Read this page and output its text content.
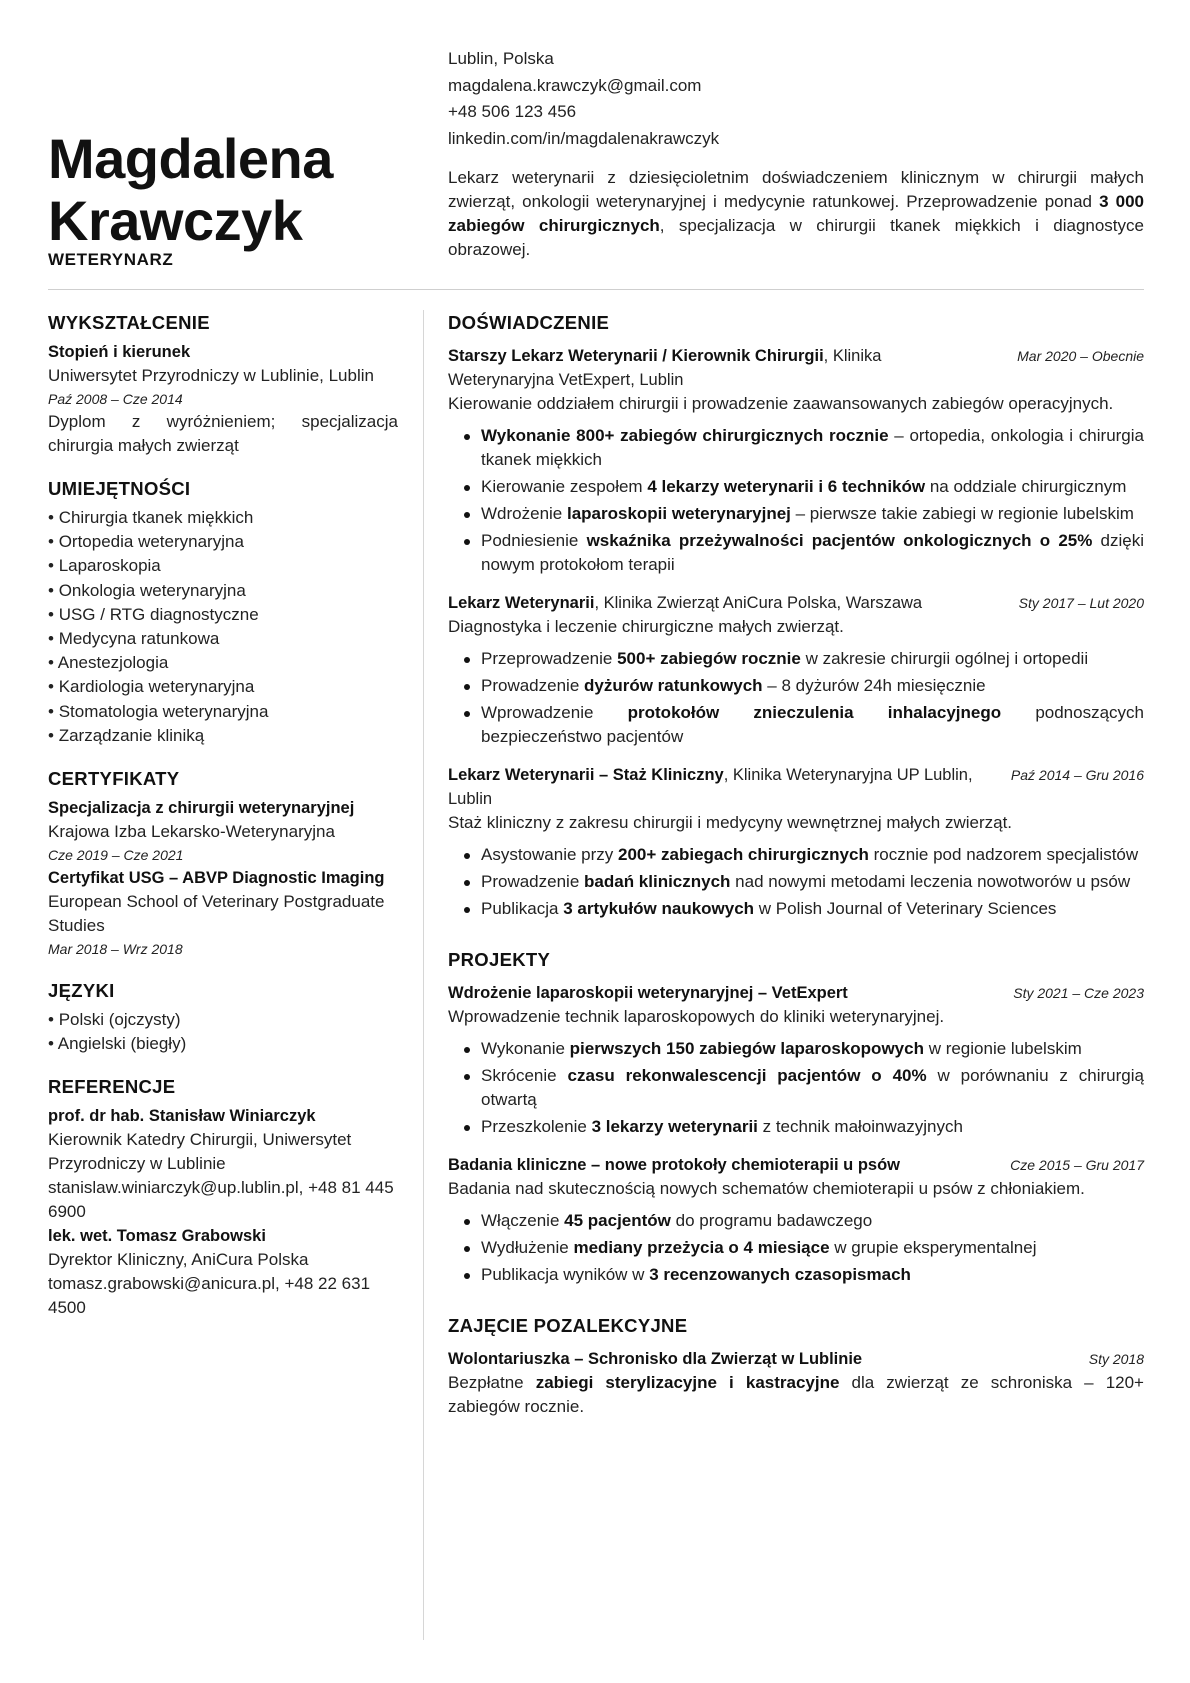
Magdalena
Krawczyk
WETERYNARZ
Lublin, Polska
magdalena.krawczyk@gmail.com
+48 506 123 456
linkedin.com/in/magdalenakrawczyk
Lekarz weterynarii z dziesięcioletnim doświadczeniem klinicznym w chirurgii małych zwierząt, onkologii weterynaryjnej i medycynie ratunkowej. Przeprowadzenie ponad 3 000 zabiegów chirurgicznych, specjalizacja w chirurgii tkanek miękkich i diagnostyce obrazowej.
WYKSZTAŁCENIE
Stopień i kierunek
Uniwersytet Przyrodniczy w Lublinie, Lublin
Paź 2008 – Cze 2014
Dyplom z wyróżnieniem; specjalizacja chirurgia małych zwierząt
UMIEJĘTNOŚCI
• Chirurgia tkanek miękkich
• Ortopedia weterynaryjna
• Laparoskopia
• Onkologia weterynaryjna
• USG / RTG diagnostyczne
• Medycyna ratunkowa
• Anestezjologia
• Kardiologia weterynaryjna
• Stomatologia weterynaryjna
• Zarządzanie kliniką
CERTYFIKATY
Specjalizacja z chirurgii weterynaryjnej
Krajowa Izba Lekarsko-Weterynaryjna
Cze 2019 – Cze 2021
Certyfikat USG – ABVP Diagnostic Imaging
European School of Veterinary Postgraduate Studies
Mar 2018 – Wrz 2018
JĘZYKI
• Polski (ojczysty)
• Angielski (biegły)
REFERENCJE
prof. dr hab. Stanisław Winiarczyk
Kierownik Katedry Chirurgii, Uniwersytet Przyrodniczy w Lublinie
stanislaw.winiarczyk@up.lublin.pl, +48 81 445 6900
lek. wet. Tomasz Grabowski
Dyrektor Kliniczny, AniCura Polska
tomasz.grabowski@anicura.pl, +48 22 631 4500
DOŚWIADCZENIE
Starszy Lekarz Weterynarii / Kierownik Chirurgii, Klinika Weterynaryjna VetExpert, Lublin
Mar 2020 – Obecnie
Kierowanie oddziałem chirurgii i prowadzenie zaawansowanych zabiegów operacyjnych.
Wykonanie 800+ zabiegów chirurgicznych rocznie – ortopedia, onkologia i chirurgia tkanek miękkich
Kierowanie zespołem 4 lekarzy weterynarii i 6 techników na oddziale chirurgicznym
Wdrożenie laparoskopii weterynaryjnej – pierwsze takie zabiegi w regionie lubelskim
Podniesienie wskaźnika przeżywalności pacjentów onkologicznych o 25% dzięki nowym protokołom terapii
Lekarz Weterynarii, Klinika Zwierząt AniCura Polska, Warszawa	Sty 2017 – Lut 2020
Diagnostyka i leczenie chirurgiczne małych zwierząt.
Przeprowadzenie 500+ zabiegów rocznie w zakresie chirurgii ogólnej i ortopedii
Prowadzenie dyżurów ratunkowych – 8 dyżurów 24h miesięcznie
Wprowadzenie protokołów znieczulenia inhalacyjnego podnoszących bezpieczeństwo pacjentów
Lekarz Weterynarii – Staż Kliniczny, Klinika Weterynaryjna UP Lublin, Lublin
Paź 2014 – Gru 2016
Staż kliniczny z zakresu chirurgii i medycyny wewnętrznej małych zwierząt.
Asystowanie przy 200+ zabiegach chirurgicznych rocznie pod nadzorem specjalistów
Prowadzenie badań klinicznych nad nowymi metodami leczenia nowotworów u psów
Publikacja 3 artykułów naukowych w Polish Journal of Veterinary Sciences
PROJEKTY
Wdrożenie laparoskopii weterynaryjnej – VetExpert	Sty 2021 – Cze 2023
Wprowadzenie technik laparoskopowych do kliniki weterynaryjnej.
Wykonanie pierwszych 150 zabiegów laparoskopowych w regionie lubelskim
Skrócenie czasu rekonwalescencji pacjentów o 40% w porównaniu z chirurgią otwartą
Przeszkolenie 3 lekarzy weterynarii z technik małoinwazyjnych
Badania kliniczne – nowe protokoły chemioterapii u psów	Cze 2015 – Gru 2017
Badania nad skutecznością nowych schematów chemioterapii u psów z chłoniakiem.
Włączenie 45 pacjentów do programu badawczego
Wydłużenie mediany przeżycia o 4 miesiące w grupie eksperymentalnej
Publikacja wyników w 3 recenzowanych czasopismach
ZAJĘCIE POZALEKCYJNE
Wolontariuszka – Schronisko dla Zwierząt w Lublinie	Sty 2018
Bezpłatne zabiegi sterylizacyjne i kastracyjne dla zwierząt ze schroniska – 120+ zabiegów rocznie.
